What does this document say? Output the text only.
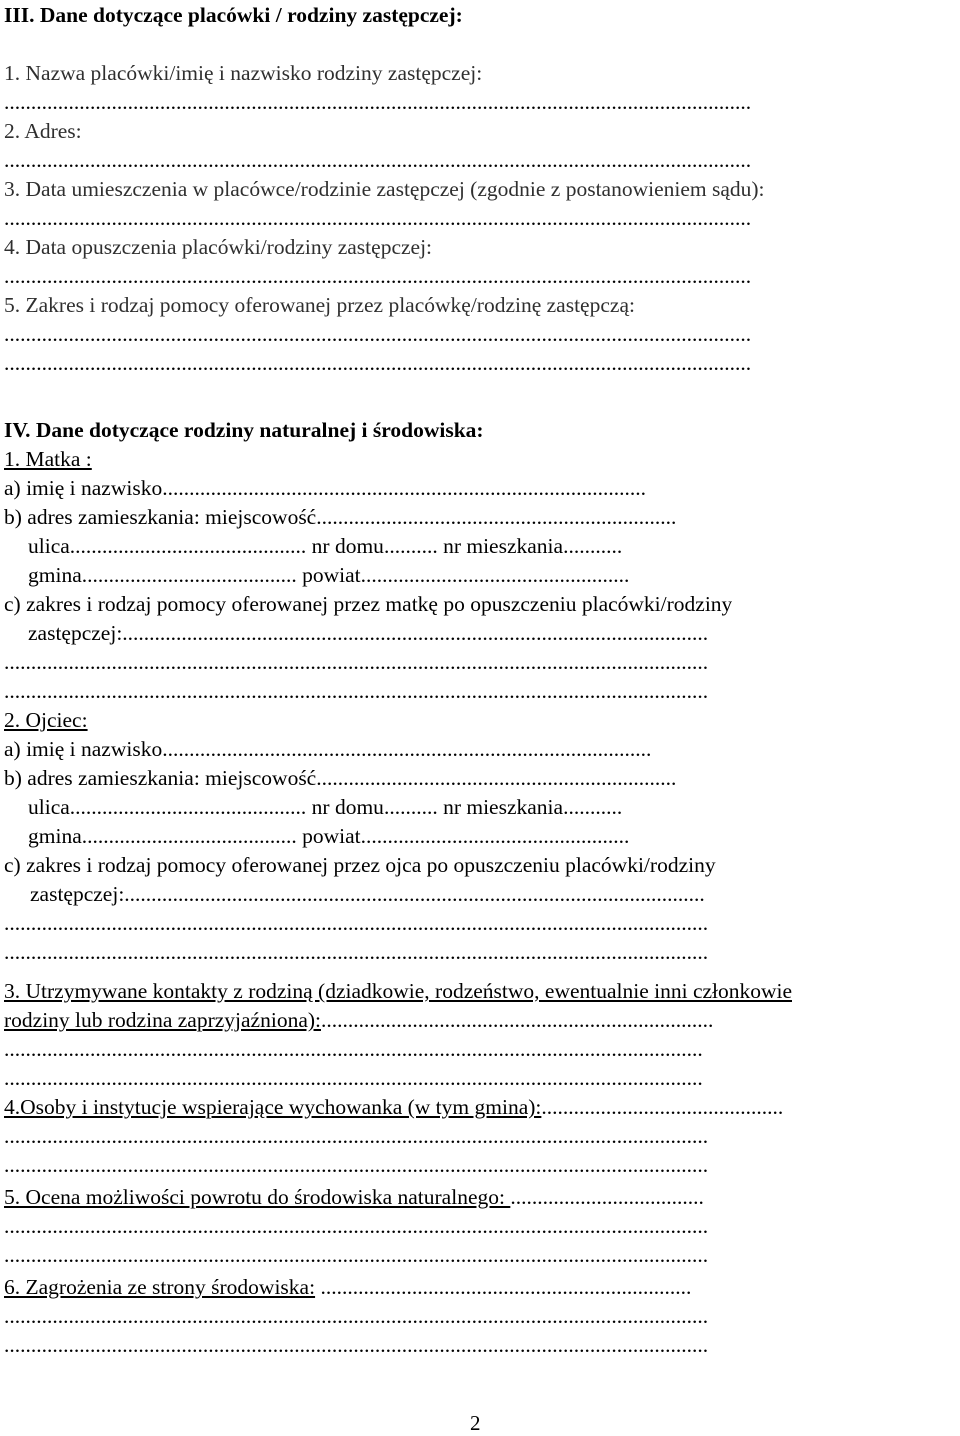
III. Dane dotyczące placówki / rodziny zastępczej:
1. Nazwa placówki/imię i nazwisko rodziny zastępczej:
...........................................................................................................................................
2. Adres:
...........................................................................................................................................
3. Data umieszczenia w placówce/rodzinie zastępczej (zgodnie z postanowieniem sądu):
...........................................................................................................................................
4. Data opuszczenia placówki/rodziny zastępczej:
...........................................................................................................................................
5. Zakres i rodzaj pomocy oferowanej przez placówkę/rodzinę zastępczą:
...........................................................................................................................................
...........................................................................................................................................
IV. Dane dotyczące rodziny naturalnej i środowiska:
1. Matka :
a) imię i nazwisko..........................................................................................
b) adres zamieszkania: miejscowość...................................................................
ulica............................................ nr domu.......... nr mieszkania...........
gmina........................................ powiat..................................................
c) zakres i rodzaj pomocy oferowanej przez matkę po opuszczeniu placówki/rodziny
zastępczej:.............................................................................................................
...................................................................................................................................
...................................................................................................................................
2. Ojciec:
a) imię i nazwisko...........................................................................................
b) adres zamieszkania: miejscowość...................................................................
ulica............................................ nr domu.......... nr mieszkania...........
gmina........................................ powiat..................................................
c) zakres i rodzaj pomocy oferowanej przez ojca po opuszczeniu placówki/rodziny
zastępczej:............................................................................................................
...................................................................................................................................
...................................................................................................................................
3. Utrzymywane kontakty z rodziną (dziadkowie, rodzeństwo, ewentualnie inni członkowie
rodziny lub rodzina zaprzyjaźniona):.........................................................................
..................................................................................................................................
..................................................................................................................................
4.Osoby i instytucje wspierające wychowanka (w tym gmina):.............................................
...................................................................................................................................
...................................................................................................................................
5. Ocena możliwości powrotu do środowiska naturalnego: ....................................
...................................................................................................................................
...................................................................................................................................
6. Zagrożenia ze strony środowiska: .....................................................................
...................................................................................................................................
...................................................................................................................................
2
